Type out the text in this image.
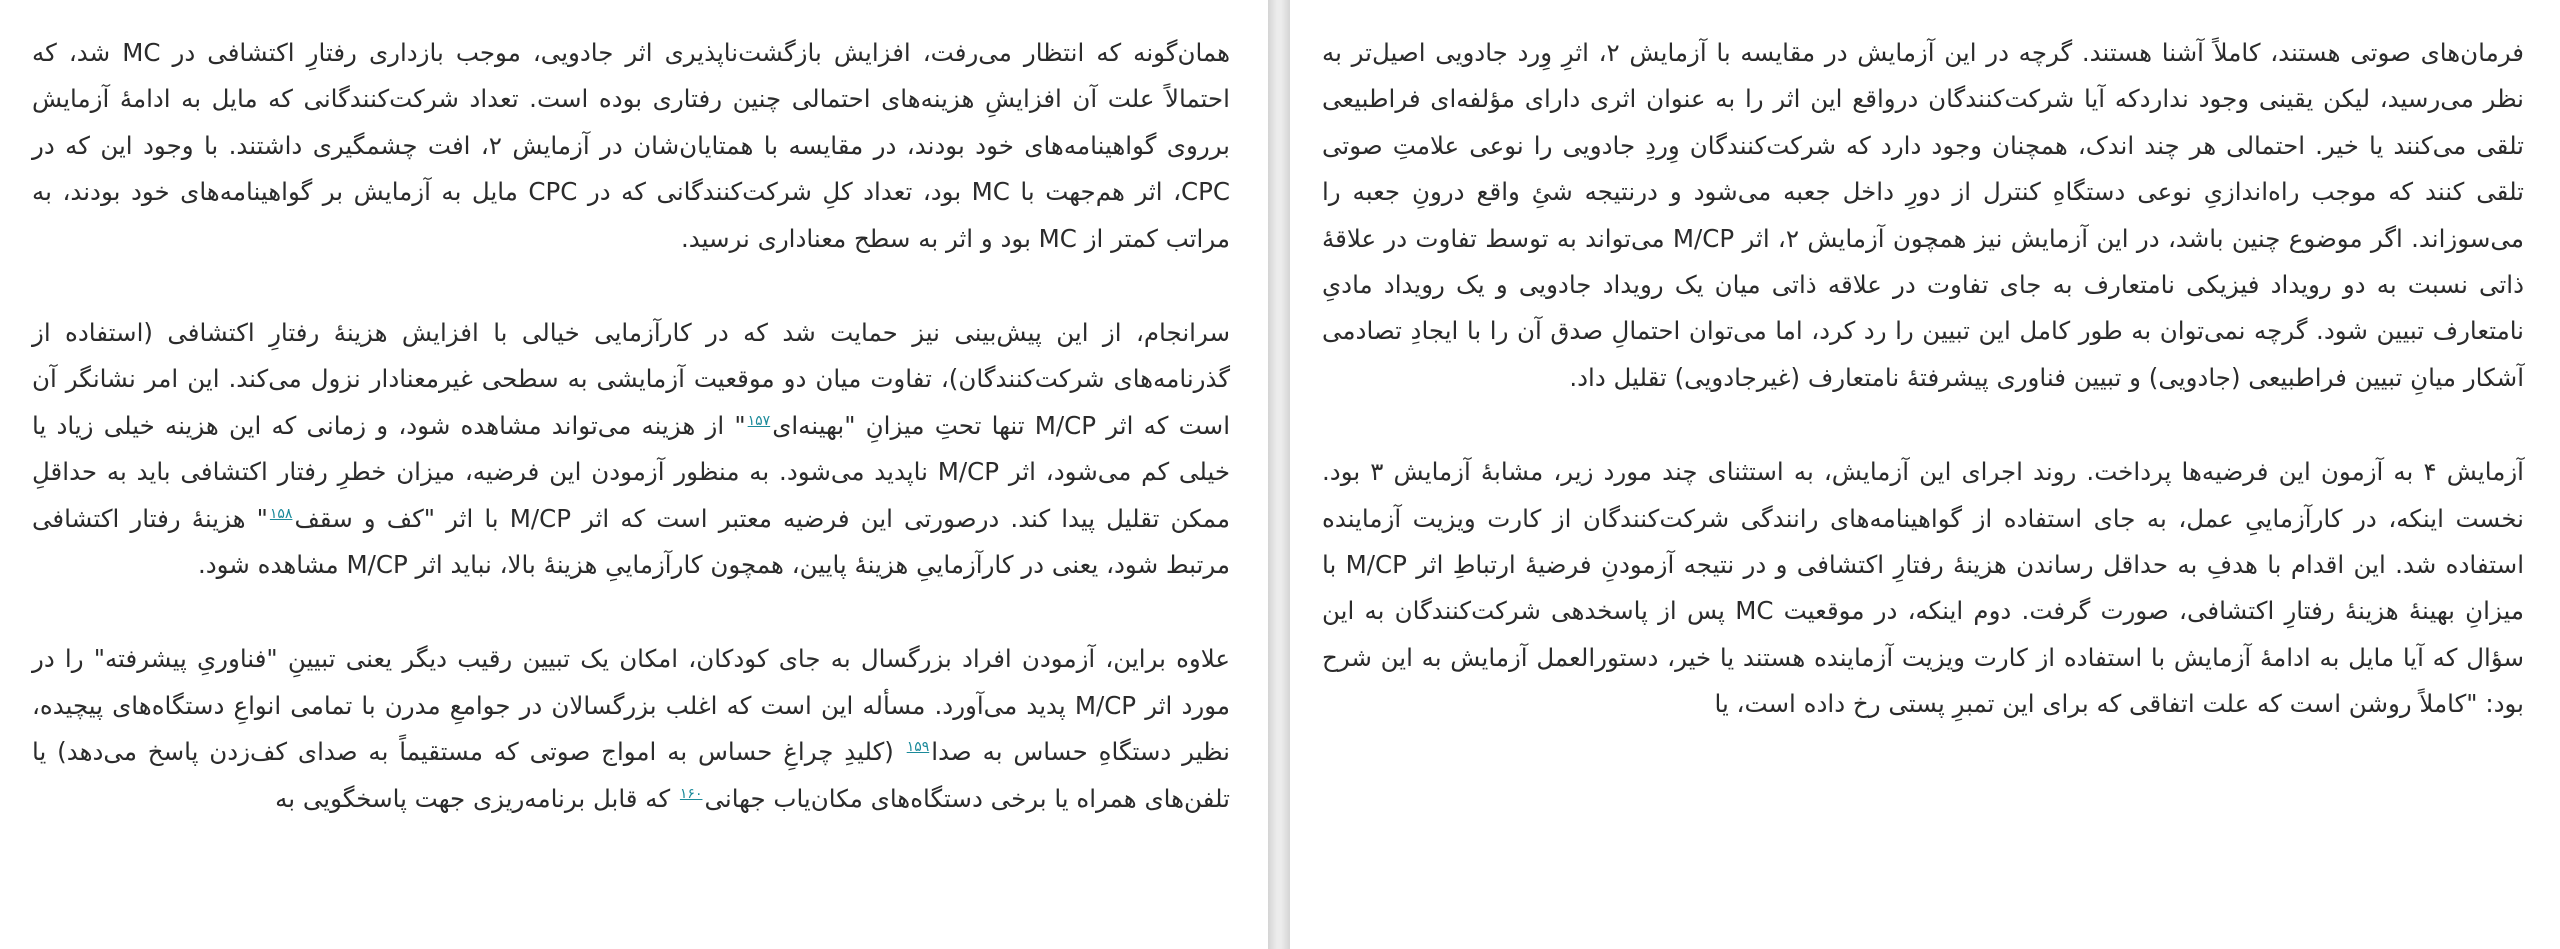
همان‌گونه که انتظار می‌رفت، افزایش بازگشت‌ناپذیری اثر جادویی، موجب بازداری رفتارِ اکتشافی در MC شد، که احتمالاً علت آن افزایشِ هزینه‌های احتمالی چنین رفتاری بوده است. تعداد شرکت‌کنندگانی که مایل به ادامهٔ آزمایش برروی گواهینامه‌های خود بودند، در مقایسه با همتایان‌شان در آزمایش ۲، افت چشمگیری داشتند. با وجود این که در CPC، اثر هم‌جهت با MC بود، تعداد کلِ شرکت‌کنندگانی که در CPC مایل به آزمایش بر گواهینامه‌های خود بودند، به مراتب کمتر از MC بود و اثر به سطح معناداری نرسید.

سرانجام، از این پیش‌بینی نیز حمایت شد که در کارآزمایی خیالی با افزایش هزینهٔ رفتارِ اکتشافی (استفاده از گذرنامه‌های شرکت‌کنندگان)، تفاوت میان دو موقعیت آزمایشی به سطحی غیرمعنادار نزول می‌کند. این امر نشانگر آن است که اثر M/CP تنها تحتِ میزانِ "بهینه‌ای$^{۱۵۷}$" از هزینه می‌تواند مشاهده شود، و زمانی که این هزینه خیلی زیاد یا خیلی کم می‌شود، اثر M/CP ناپدید می‌شود. به منظور آزمودن این فرضیه، میزان خطرِ رفتار اکتشافی باید به حداقلِ ممکن تقلیل پیدا کند. درصورتی این فرضیه معتبر است که اثر M/CP با اثر "کف و سقف$^{۱۵۸}$" هزینهٔ رفتار اکتشافی مرتبط شود، یعنی در کارآزماییِ هزینهٔ پایین، همچون کارآزماییِ هزینهٔ بالا، نباید اثر M/CP مشاهده شود.

علاوه براین، آزمودن افراد بزرگسال به جای کودکان، امکان یک تبیین رقیب دیگر یعنی تبیینِ "فناوریِ پیشرفته" را در مورد اثر M/CP پدید می‌آورد. مسأله این است که اغلب بزرگسالان در جوامعِ مدرن با تمامی انواعِ دستگاه‌های پیچیده، نظیر دستگاهِ حساس به صدا$^{۱۵۹}$ (کلیدِ چراغِ حساس به امواج صوتی که مستقیماً به صدای کف‌زدن پاسخ می‌دهد) یا تلفن‌های همراه یا برخی دستگاه‌های مکان‌یاب جهانی$^{۱۶۰}$ که قابل برنامه‌ریزی جهت پاسخگویی به

فرمان‌های صوتی هستند، کاملاً آشنا هستند. گرچه در این آزمایش در مقایسه با آزمایش ۲، اثرِ وِرد جادویی اصیل‌تر به نظر می‌رسید، لیکن یقینی وجود ندارد‌که آیا شرکت‌کنندگان درواقع این اثر را به عنوان اثری دارای مؤلفه‌ای فراطبیعی تلقی می‌کنند یا خیر. احتمالی هر چند اندک، همچنان وجود دارد که شرکت‌کنندگان وِردِ جادویی را نوعی علامتِ صوتی تلقی کنند که موجب راه‌اندازیِ نوعی دستگاهِ کنترل از دورِ داخل جعبه می‌شود و درنتیجه شئِ واقع درونِ جعبه را می‌سوزاند. اگر موضوع چنین باشد، در این آزمایش نیز همچون آزمایش ۲، اثر M/CP می‌تواند به توسط تفاوت در علاقهٔ ذاتی نسبت به دو رویداد فیزیکی نامتعارف به جای تفاوت در علاقه ذاتی میان یک رویداد جادویی و یک رویداد مادیِ نامتعارف تبیین شود. گرچه نمی‌توان به طور کامل این تبیین را رد کرد، اما می‌توان احتمالِ صدق آن را با ایجادِ تصادمی آشکار میانِ تبیین فراطبیعی (جادویی) و تبیین فناوری پیشرفتهٔ نامتعارف (غیرجادویی) تقلیل داد.

آزمایش ۴ به آزمون این فرضیه‌ها پرداخت. روند اجرای این آزمایش، به استثنای چند مورد زیر، مشابهٔ آزمایش ۳ بود. نخست اینکه، در کارآزماییِ عمل، به جای استفاده از گواهینامه‌های رانندگی شرکت‌کنندگان از کارت ویزیت آزماینده استفاده شد. این اقدام با هدفِ به حداقل رساندن هزینهٔ رفتارِ اکتشافی و در نتیجه آزمودنِ فرضیهٔ ارتباطِ اثر M/CP با میزانِ بهینهٔ هزینهٔ رفتارِ اکتشافی، صورت گرفت. دوم اینکه، در موقعیت MC پس از پاسخدهی شرکت‌کنندگان به این سؤال که آیا مایل به ادامهٔ آزمایش با استفاده از کارت ویزیت آزماینده هستند یا خیر، دستورالعمل آزمایش به این شرح بود: "کاملاً روشن است که علت اتفاقی که برای این تمبرِ پستی رخ داده است، یا
